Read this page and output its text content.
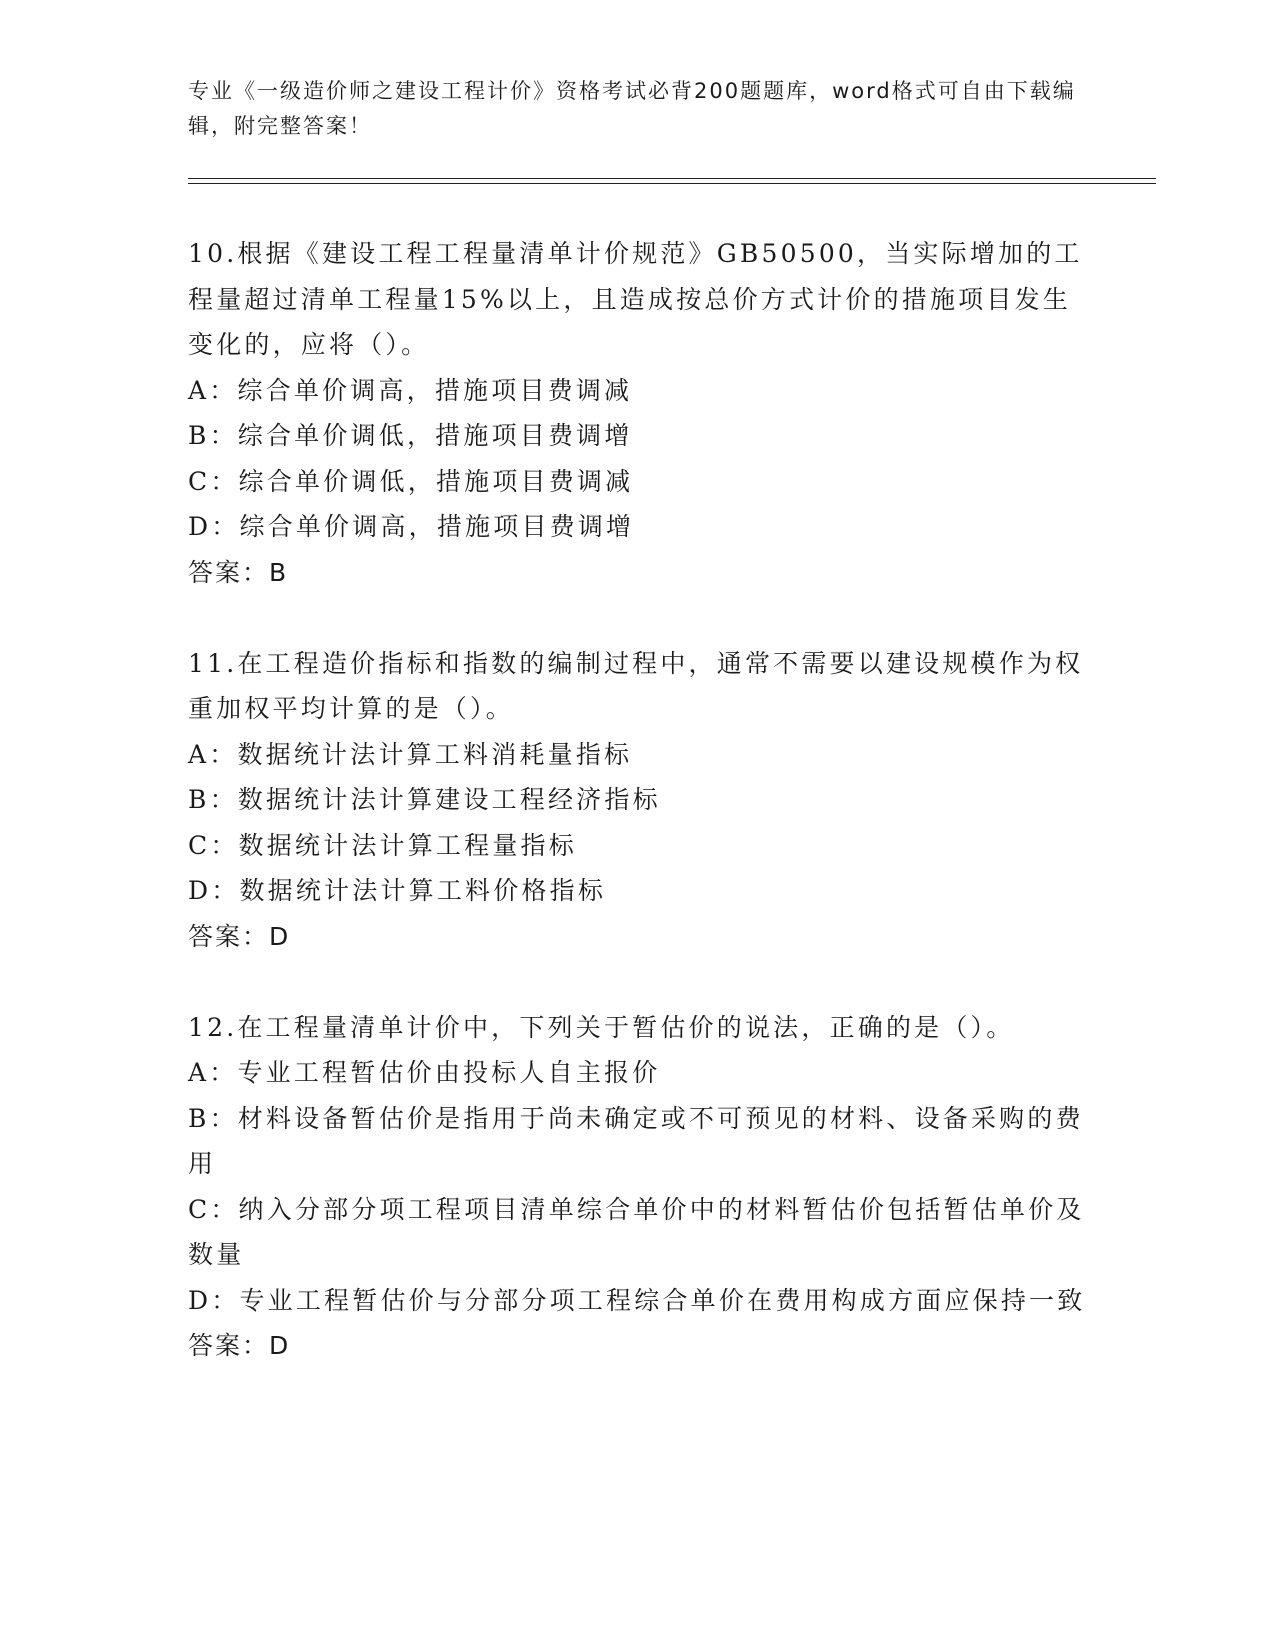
专业《一级造价师之建设工程计价》资格考试必背200题题库，word格式可自由下载编辑，附完整答案！

10.根据《建设工程工程量清单计价规范》GB50500，当实际增加的工程量超过清单工程量15%以上，且造成按总价方式计价的措施项目发生变化的，应将（）。

A：综合单价调高，措施项目费调减

B：综合单价调低，措施项目费调增

C：综合单价调低，措施项目费调减

D：综合单价调高，措施项目费调增

答案：B

11.在工程造价指标和指数的编制过程中，通常不需要以建设规模作为权重加权平均计算的是（）。

A：数据统计法计算工料消耗量指标

B：数据统计法计算建设工程经济指标

C：数据统计法计算工程量指标

D：数据统计法计算工料价格指标

答案：D

12.在工程量清单计价中，下列关于暂估价的说法，正确的是（）。

A：专业工程暂估价由投标人自主报价

B：材料设备暂估价是指用于尚未确定或不可预见的材料、设备采购的费用

C：纳入分部分项工程项目清单综合单价中的材料暂估价包括暂估单价及数量

D：专业工程暂估价与分部分项工程综合单价在费用构成方面应保持一致

答案：D
